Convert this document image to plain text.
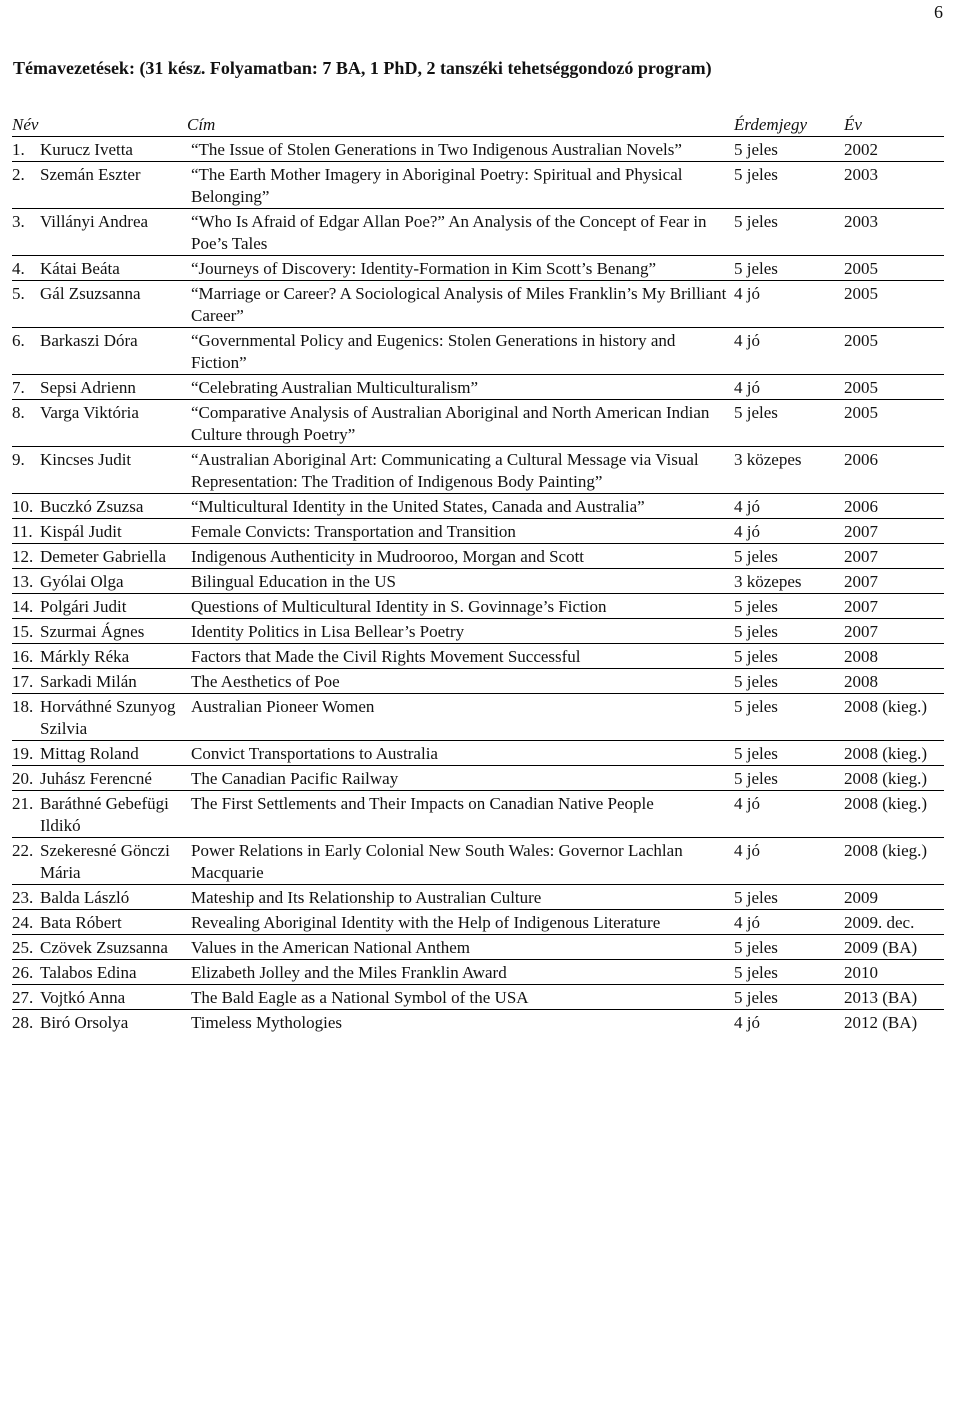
6
Témavezetések: (31 kész. Folyamatban: 7 BA, 1 PhD, 2 tanszéki tehetséggondozó program)
Név	Cím	Érdemjegy	Év

1. Kurucz Ivetta	“The Issue of Stolen Generations in Two Indigenous Australian Novels”	5 jeles	2002

2. Szemán Eszter	“The Earth Mother Imagery in Aboriginal Poetry: Spiritual and Physical Belonging”	5 jeles	2003

3. Villányi Andrea	“Who Is Afraid of Edgar Allan Poe?” An Analysis of the Concept of Fear in Poe’s Tales	5 jeles	2003

4. Kátai Beáta	“Journeys of Discovery: Identity-Formation in Kim Scott’s Benang”	5 jeles	2005

5. Gál Zsuzsanna	“Marriage or Career? A Sociological Analysis of Miles Franklin’s My Brilliant Career”	4 jó	2005

6. Barkaszi Dóra	“Governmental Policy and Eugenics: Stolen Generations in history and Fiction”	4 jó	2005

7. Sepsi Adrienn	“Celebrating Australian Multiculturalism”	4 jó	2005

8. Varga Viktória	“Comparative Analysis of Australian Aboriginal and North American Indian Culture through Poetry”	5 jeles	2005

9. Kincses Judit	“Australian Aboriginal Art: Communicating a Cultural Message via Visual Representation: The Tradition of Indigenous Body Painting”	3 közepes	2006

10. Buczkó Zsuzsa	“Multicultural Identity in the United States, Canada and Australia”	4 jó	2006

11. Kispál Judit	Female Convicts: Transportation and Transition	4 jó	2007

12. Demeter Gabriella	Indigenous Authenticity in Mudrooroo, Morgan and Scott	5 jeles	2007

13. Gyólai Olga	Bilingual Education in the US	3 közepes	2007

14. Polgári Judit	Questions of Multicultural Identity in S. Govinnage’s Fiction	5 jeles	2007

15. Szurmai Ágnes	Identity Politics in Lisa Bellear’s Poetry	5 jeles	2007

16. Márkly Réka	Factors that Made the Civil Rights Movement Successful	5 jeles	2008

17. Sarkadi Milán	The Aesthetics of Poe	5 jeles	2008

18. Horváthné Szunyog Szilvia	Australian Pioneer Women	5 jeles	2008 (kieg.)

19. Mittag Roland	Convict Transportations to Australia	5 jeles	2008 (kieg.)

20. Juhász Ferencné	The Canadian Pacific Railway	5 jeles	2008 (kieg.)

21. Baráthné Gebefügi Ildikó	The First Settlements and Their Impacts on Canadian Native People	4 jó	2008 (kieg.)

22. Szekeresné Gönczi Mária	Power Relations in Early Colonial New South Wales: Governor Lachlan Macquarie	4 jó	2008 (kieg.)

23. Balda László	Mateship and Its Relationship to Australian Culture	5 jeles	2009

24. Bata Róbert	Revealing Aboriginal Identity with the Help of Indigenous Literature	4 jó	2009. dec.

25. Czövek Zsuzsanna	Values in the American National Anthem	5 jeles	2009 (BA)

26. Talabos Edina	Elizabeth Jolley and the Miles Franklin Award	5 jeles	2010

27. Vojtkó Anna	The Bald Eagle as a National Symbol of the USA	5 jeles	2013 (BA)

28. Biró Orsolya	Timeless Mythologies	4 jó	2012 (BA)
